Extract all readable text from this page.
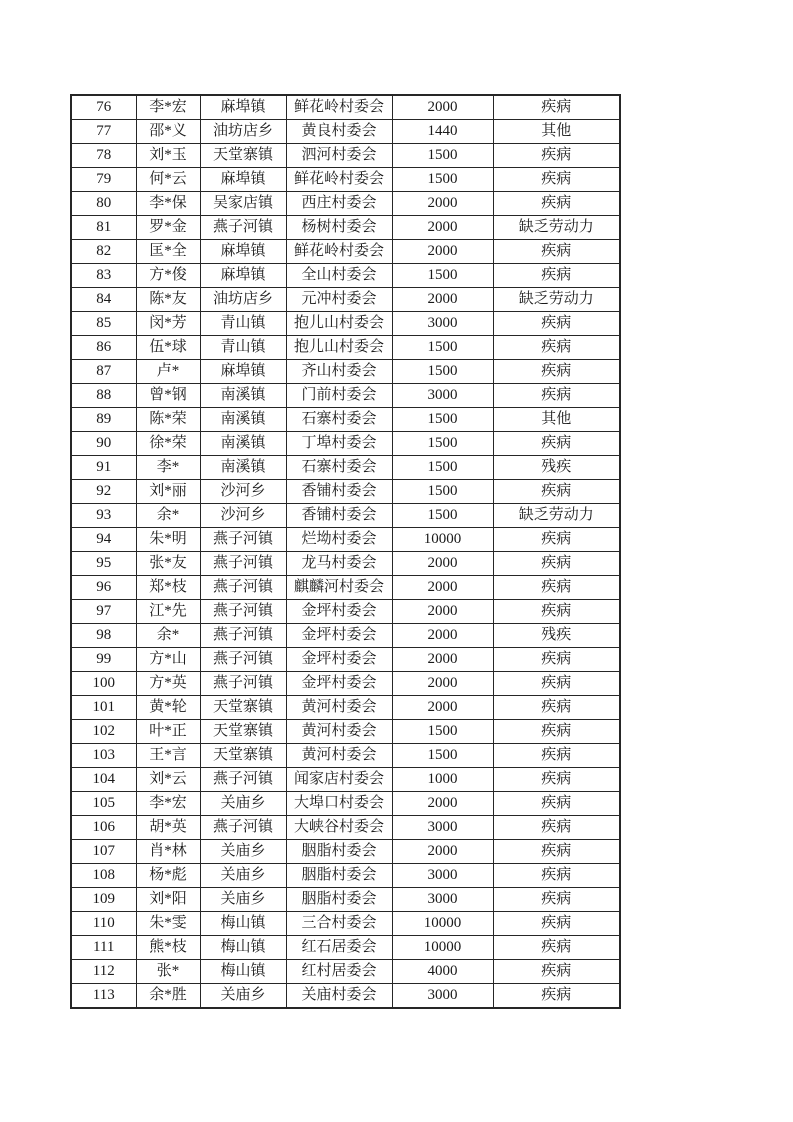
76	李*宏	麻埠镇	鲜花岭村委会	2000	疾病
77	邵*义	油坊店乡	黄良村委会	1440	其他
78	刘*玉	天堂寨镇	泗河村委会	1500	疾病
79	何*云	麻埠镇	鲜花岭村委会	1500	疾病
80	李*保	吴家店镇	西庄村委会	2000	疾病
81	罗*金	燕子河镇	杨树村委会	2000	缺乏劳动力
82	匡*全	麻埠镇	鲜花岭村委会	2000	疾病
83	方*俊	麻埠镇	全山村委会	1500	疾病
84	陈*友	油坊店乡	元冲村委会	2000	缺乏劳动力
85	闵*芳	青山镇	抱儿山村委会	3000	疾病
86	伍*球	青山镇	抱儿山村委会	1500	疾病
87	卢*	麻埠镇	齐山村委会	1500	疾病
88	曾*钢	南溪镇	门前村委会	3000	疾病
89	陈*荣	南溪镇	石寨村委会	1500	其他
90	徐*荣	南溪镇	丁埠村委会	1500	疾病
91	李*	南溪镇	石寨村委会	1500	残疾
92	刘*丽	沙河乡	香铺村委会	1500	疾病
93	余*	沙河乡	香铺村委会	1500	缺乏劳动力
94	朱*明	燕子河镇	烂坳村委会	10000	疾病
95	张*友	燕子河镇	龙马村委会	2000	疾病
96	郑*枝	燕子河镇	麒麟河村委会	2000	疾病
97	江*先	燕子河镇	金坪村委会	2000	疾病
98	余*	燕子河镇	金坪村委会	2000	残疾
99	方*山	燕子河镇	金坪村委会	2000	疾病
100	方*英	燕子河镇	金坪村委会	2000	疾病
101	黄*轮	天堂寨镇	黄河村委会	2000	疾病
102	叶*正	天堂寨镇	黄河村委会	1500	疾病
103	王*言	天堂寨镇	黄河村委会	1500	疾病
104	刘*云	燕子河镇	闻家店村委会	1000	疾病
105	李*宏	关庙乡	大埠口村委会	2000	疾病
106	胡*英	燕子河镇	大峡谷村委会	3000	疾病
107	肖*林	关庙乡	胭脂村委会	2000	疾病
108	杨*彪	关庙乡	胭脂村委会	3000	疾病
109	刘*阳	关庙乡	胭脂村委会	3000	疾病
110	朱*雯	梅山镇	三合村委会	10000	疾病
111	熊*枝	梅山镇	红石居委会	10000	疾病
112	张*	梅山镇	红村居委会	4000	疾病
113	余*胜	关庙乡	关庙村委会	3000	疾病
